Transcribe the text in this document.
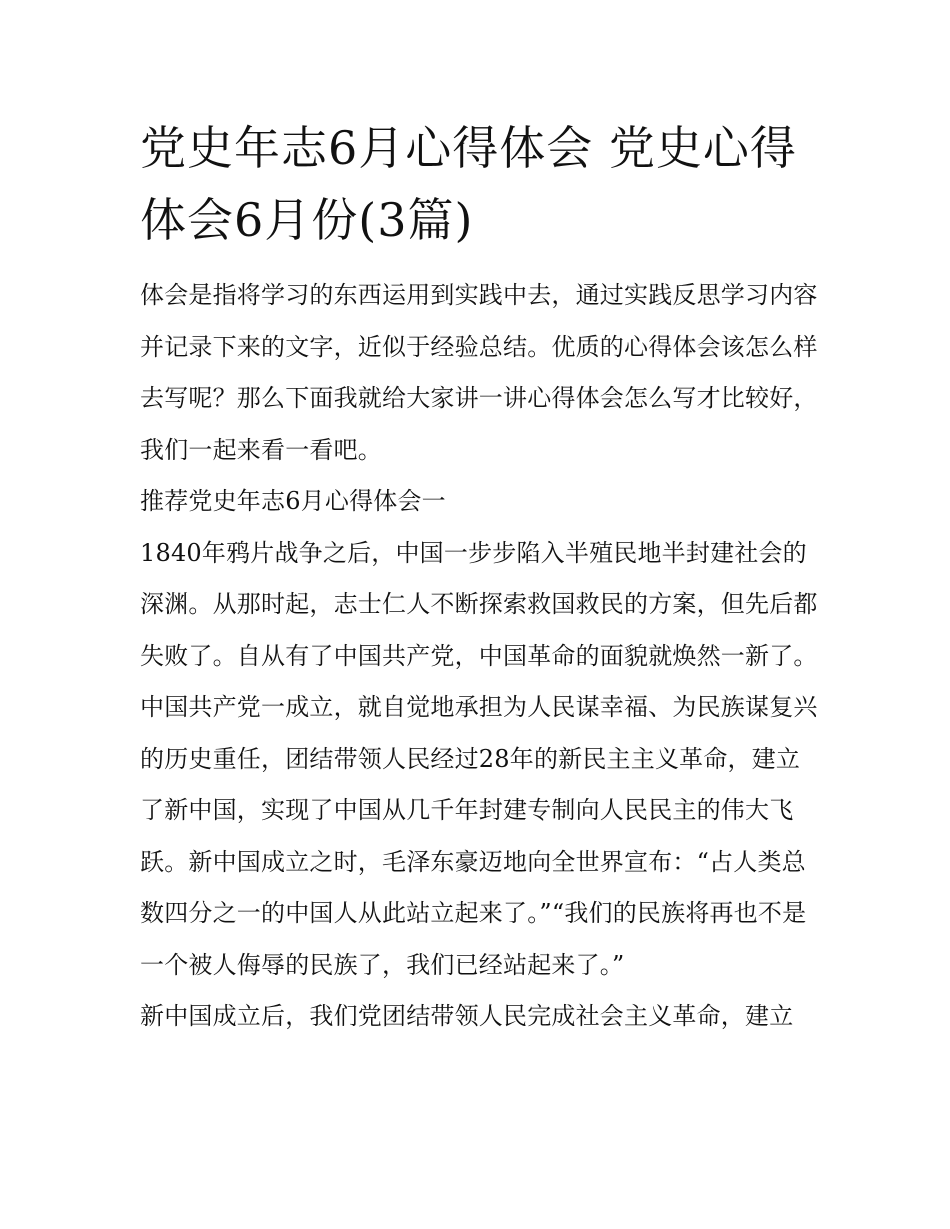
党史年志6月心得体会 党史心得体会6月份(3篇)

体会是指将学习的东西运用到实践中去，通过实践反思学习内容并记录下来的文字，近似于经验总结。优质的心得体会该怎么样去写呢？那么下面我就给大家讲一讲心得体会怎么写才比较好，我们一起来看一看吧。

推荐党史年志6月心得体会一

1840年鸦片战争之后，中国一步步陷入半殖民地半封建社会的深渊。从那时起，志士仁人不断探索救国救民的方案，但先后都失败了。自从有了中国共产党，中国革命的面貌就焕然一新了。中国共产党一成立，就自觉地承担为人民谋幸福、为民族谋复兴的历史重任，团结带领人民经过28年的新民主主义革命，建立了新中国，实现了中国从几千年封建专制向人民民主的伟大飞跃。新中国成立之时，毛泽东豪迈地向全世界宣布：“占人类总数四分之一的中国人从此站立起来了。”“我们的民族将再也不是一个被人侮辱的民族了，我们已经站起来了。”

新中国成立后，我们党团结带领人民完成社会主义革命，建立
